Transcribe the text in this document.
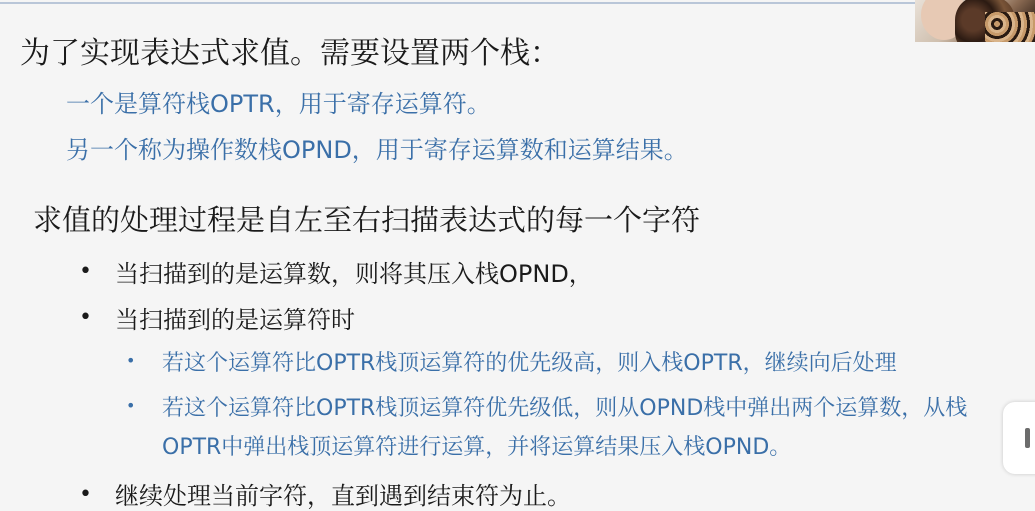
为了实现表达式求值。需要设置两个栈：
一个是算符栈OPTR，用于寄存运算符。
另一个称为操作数栈OPND，用于寄存运算数和运算结果。
求值的处理过程是自左至右扫描表达式的每一个字符
• 当扫描到的是运算数，则将其压入栈OPND，
• 当扫描到的是运算符时
• 若这个运算符比OPTR栈顶运算符的优先级高，则入栈OPTR，继续向后处理
• 若这个运算符比OPTR栈顶运算符优先级低，则从OPND栈中弹出两个运算数，从栈
OPTR中弹出栈顶运算符进行运算，并将运算结果压入栈OPND。
• 继续处理当前字符，直到遇到结束符为止。
